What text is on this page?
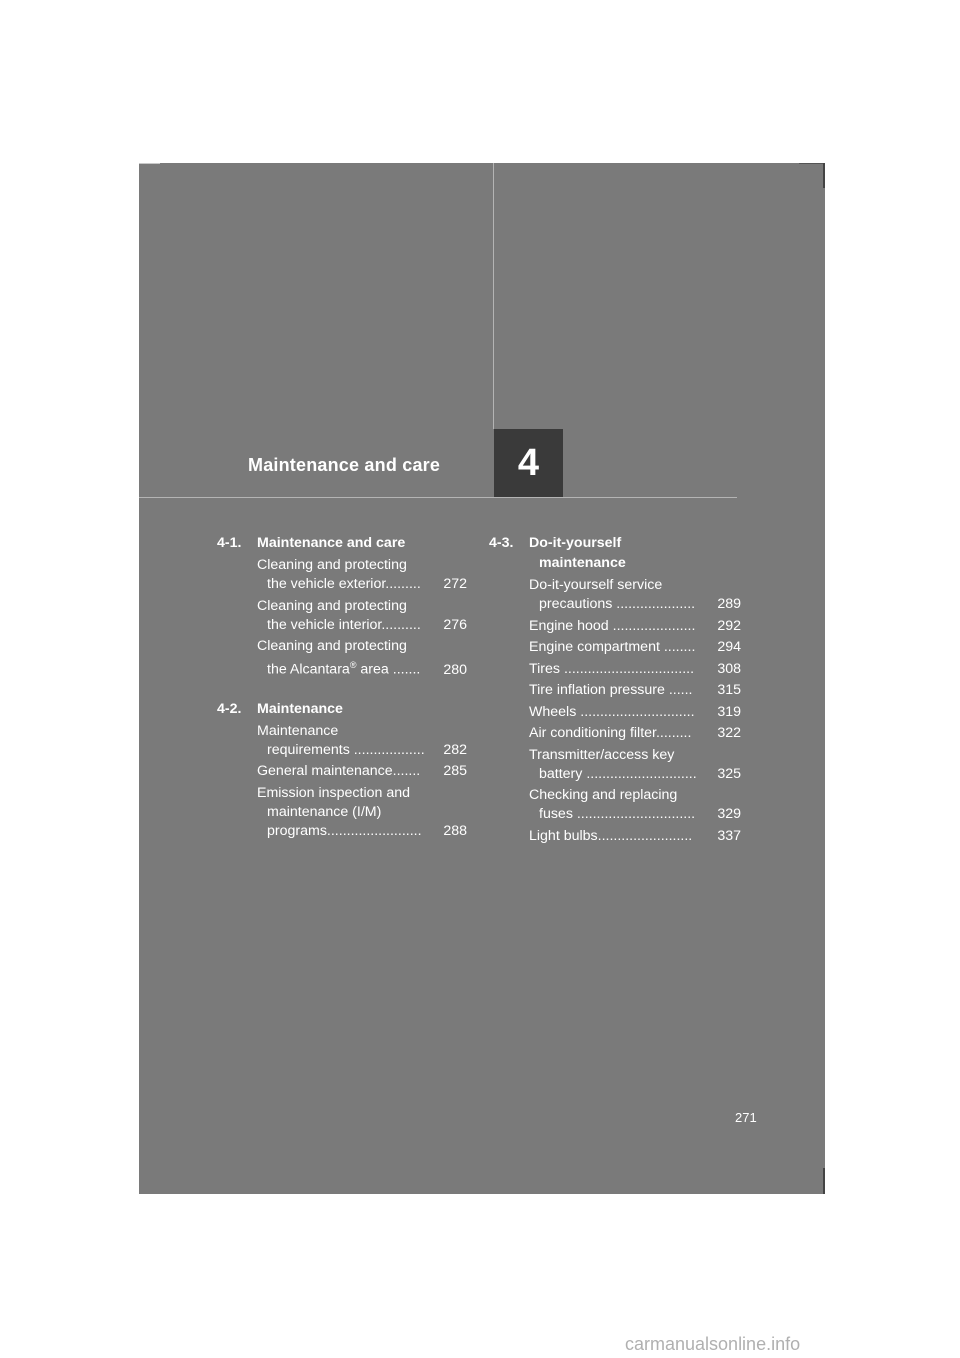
Maintenance and care	4
4-1.	Maintenance and care
Cleaning and protecting
the vehicle exterior.........	272
Cleaning and protecting
the vehicle interior..........	276
Cleaning and protecting
the Alcantara® area .......	280
4-2.	Maintenance
Maintenance
requirements ..................	282
General maintenance.......	285
Emission inspection and
maintenance (I/M)
programs........................	288
4-3.	Do-it-yourself
maintenance
Do-it-yourself service
precautions ....................	289
Engine hood .....................	292
Engine compartment ........	294
Tires .................................	308
Tire inflation pressure ......	315
Wheels .............................	319
Air conditioning filter.........	322
Transmitter/access key
battery ............................	325
Checking and replacing
fuses ..............................	329
Light bulbs........................	337
271
carmanualsonline.info
